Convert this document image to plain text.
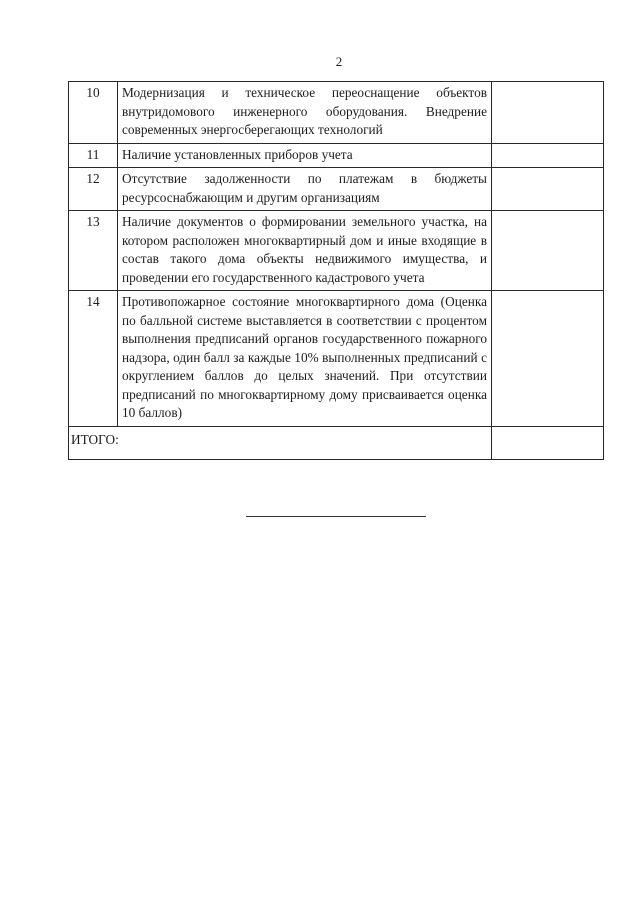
2
10	Модернизация и техническое переоснащение объектов внутридомового инженерного оборудования. Внедрение современных энергосберегающих технологий	
11	Наличие установленных приборов учета	
12	Отсутствие задолженности по платежам в бюджеты ресурсоснабжающим и другим организациям	
13	Наличие документов о формировании земельного участка, на котором расположен многоквартирный дом и иные входящие в состав такого дома объекты недвижимого имущества, и проведении его государственного кадастрового учета	
14	Противопожарное состояние многоквартирного дома (Оценка по балльной системе выставляется в соответствии с процентом выполнения предписаний органов государственного пожарного надзора, один балл за каждые 10% выполненных предписаний с округлением баллов до целых значений. При отсутствии предписаний по многоквартирному дому присваивается оценка 10 баллов)	
ИТОГО:		
